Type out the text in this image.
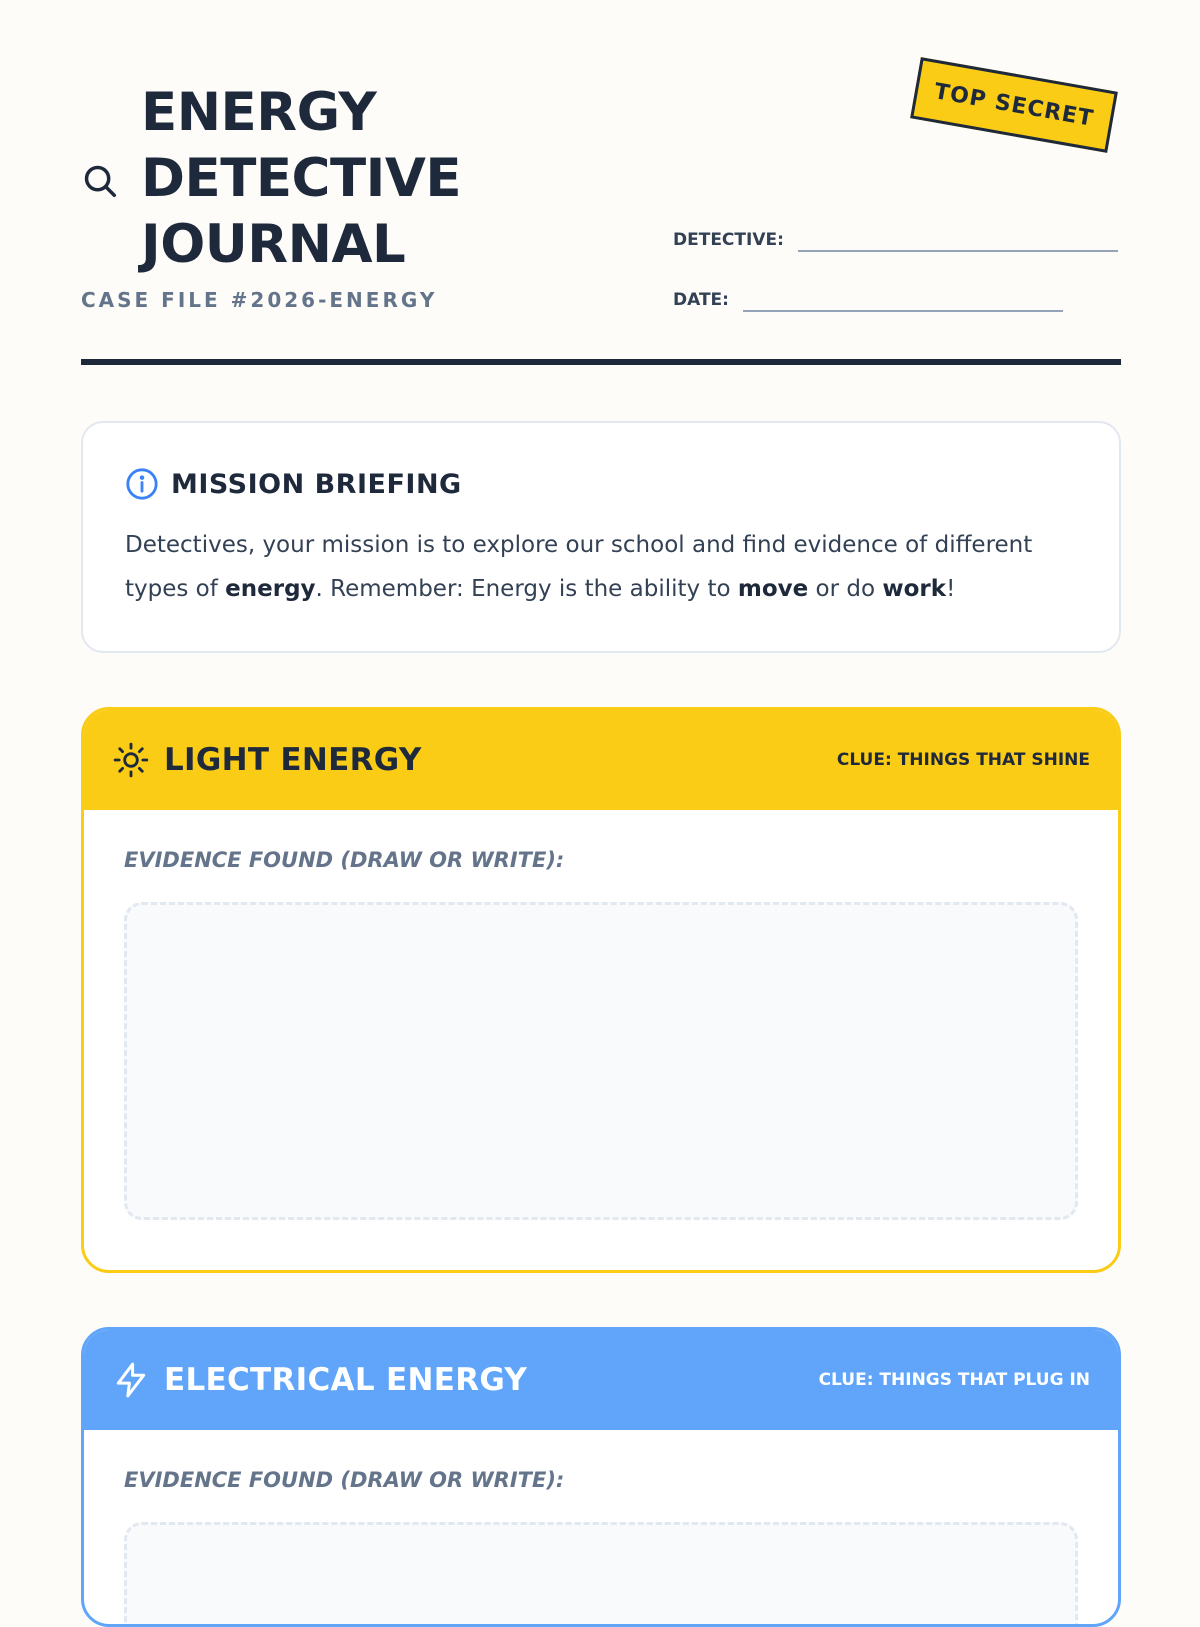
ENERGY
DETECTIVE
JOURNAL
CASE FILE #2026-ENERGY
TOP SECRET
DETECTIVE:
DATE:
MISSION BRIEFING
Detectives, your mission is to explore our school and find evidence of different types of energy. Remember: Energy is the ability to move or do work!
LIGHT ENERGY	CLUE: THINGS THAT SHINE
EVIDENCE FOUND (DRAW OR WRITE):
ELECTRICAL ENERGY	CLUE: THINGS THAT PLUG IN
EVIDENCE FOUND (DRAW OR WRITE):
